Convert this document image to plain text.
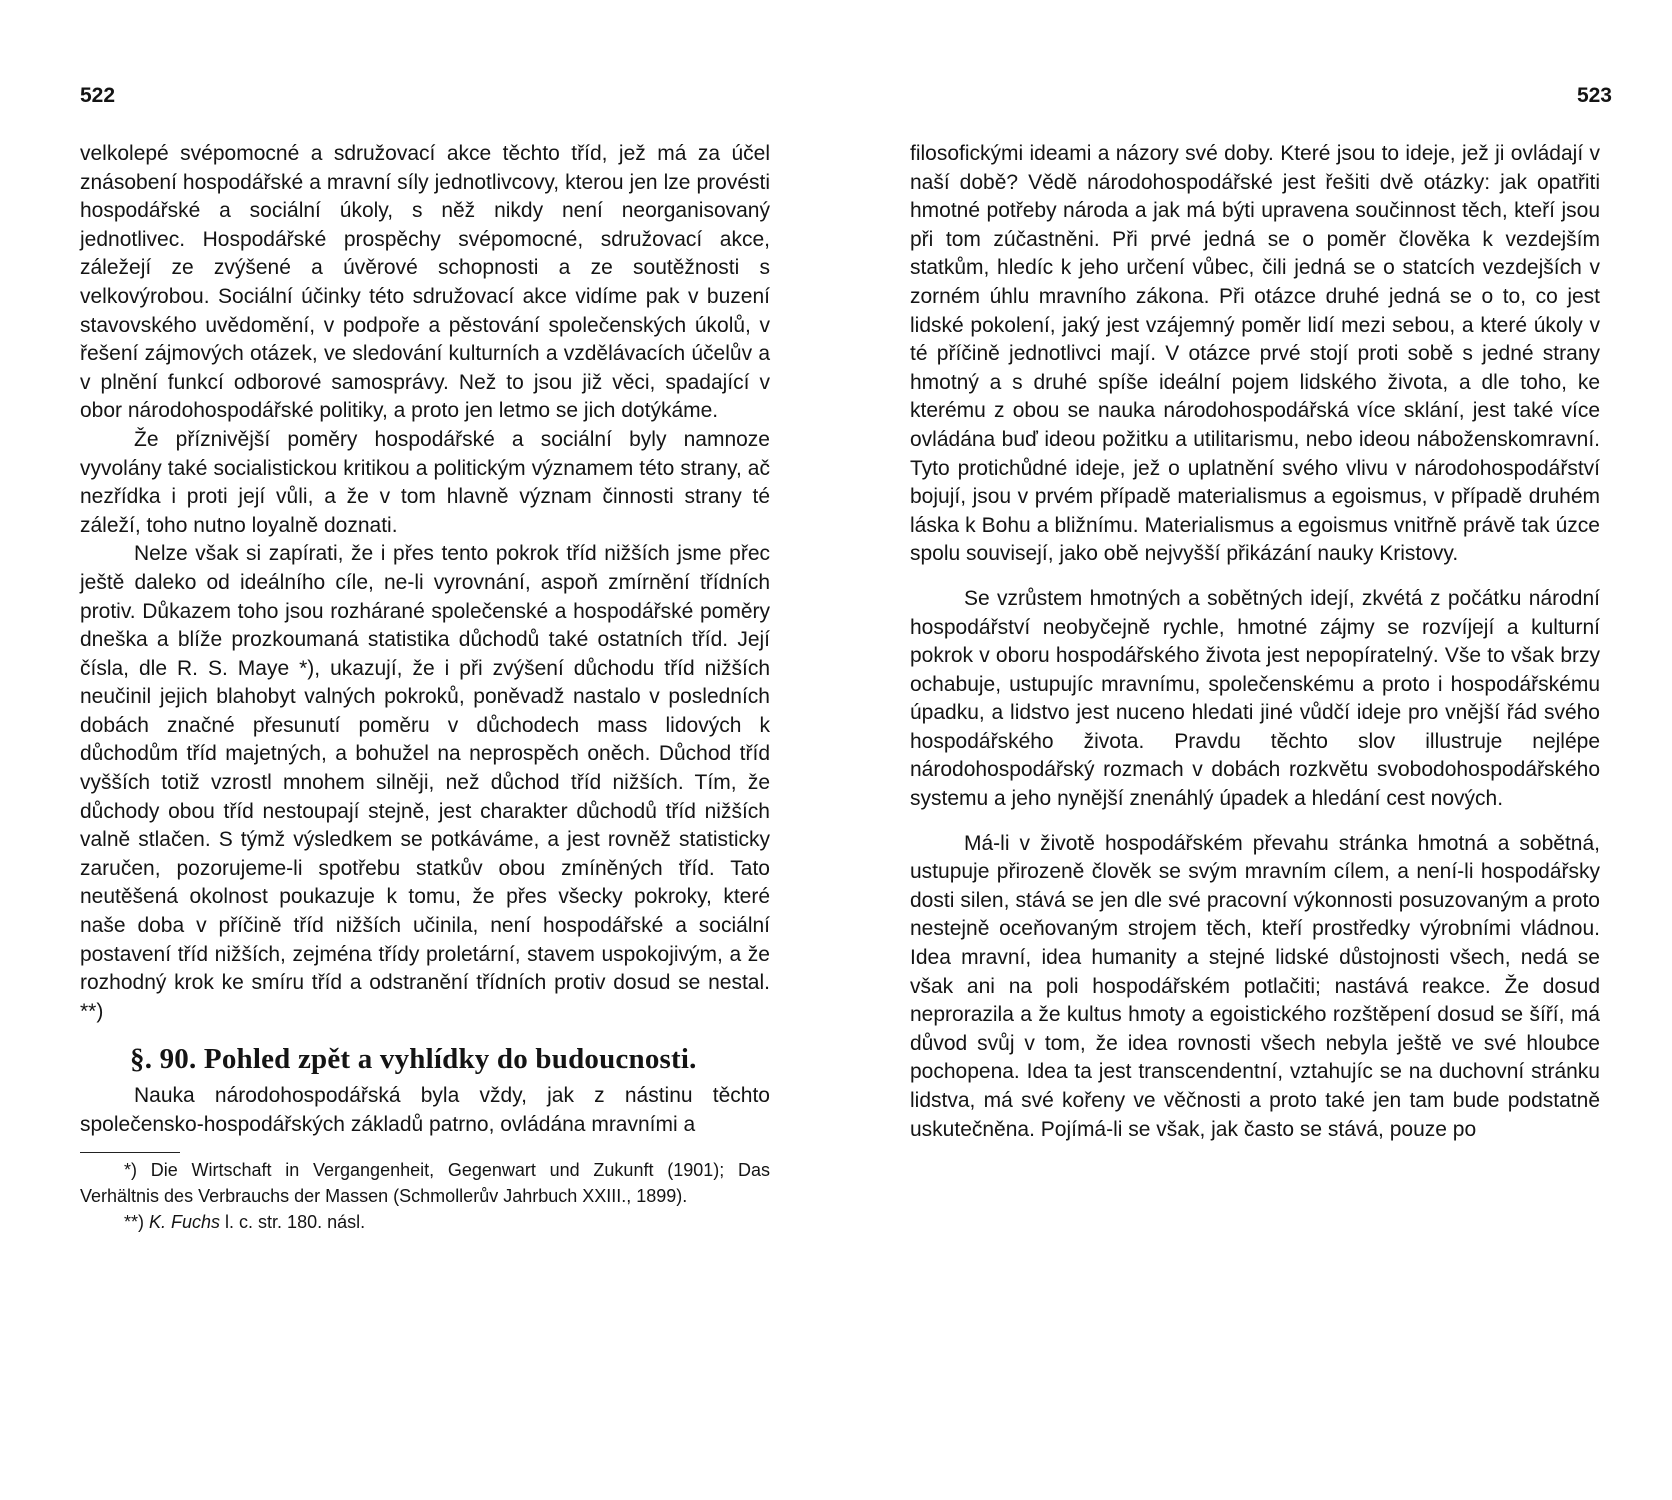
522

velkolepé svépomocné a sdružovací akce těchto tříd, jež má za účel znásobení hospodářské a mravní síly jednotlivcovy, kterou jen lze provésti hospodářské a sociální úkoly, s něž nikdy není neorganisovaný jednotlivec. Hospodářské prospěchy svépomocné, sdružovací akce, záležejí ze zvýšené a úvěrové schopnosti a ze soutěžnosti s velkovýrobou. Sociální účinky této sdružovací akce vidíme pak v buzení stavovského uvědomění, v podpoře a pěstování společenských úkolů, v řešení zájmových otázek, ve sledování kulturních a vzdělávacích účelův a v plnění funkcí odborové samosprávy. Než to jsou již věci, spadající v obor národohospodářské politiky, a proto jen letmo se jich dotýkáme.

Že příznivější poměry hospodářské a sociální byly namnoze vyvolány také socialistickou kritikou a politickým významem této strany, ač nezřídka i proti její vůli, a že v tom hlavně význam činnosti strany té záleží, toho nutno loyalně doznati.

Nelze však si zapírati, že i přes tento pokrok tříd nižších jsme přec ještě daleko od ideálního cíle, ne-li vyrovnání, aspoň zmírnění třídních protiv. Důkazem toho jsou rozhárané společenské a hospodářské poměry dneška a blíže prozkoumaná statistika důchodů také ostatních tříd. Její čísla, dle R. S. Maye *), ukazují, že i při zvýšení důchodu tříd nižších neučinil jejich blahobyt valných pokroků, poněvadž nastalo v posledních dobách značné přesunutí poměru v důchodech mass lidových k důchodům tříd majetných, a bohužel na neprospěch oněch. Důchod tříd vyšších totiž vzrostl mnohem silněji, než důchod tříd nižších. Tím, že důchody obou tříd nestoupají stejně, jest charakter důchodů tříd nižších valně stlačen. S týmž výsledkem se potkáváme, a jest rovněž statisticky zaručen, pozorujeme-li spotřebu statkův obou zmíněných tříd. Tato neutěšená okolnost poukazuje k tomu, že přes všecky pokroky, které naše doba v příčině tříd nižších učinila, není hospodářské a sociální postavení tříd nižších, zejména třídy proletární, stavem uspokojivým, a že rozhodný krok ke smíru tříd a odstranění třídních protiv dosud se nestal. **)

§. 90. Pohled zpět a vyhlídky do budoucnosti.

Nauka národohospodářská byla vždy, jak z nástinu těchto společensko-hospodářských základů patrno, ovládána mravními a

*) Die Wirtschaft in Vergangenheit, Gegenwart und Zukunft (1901); Das Verhältnis des Verbrauchs der Massen (Schmollerův Jahrbuch XXIII., 1899).

**) K. Fuchs l. c. str. 180. násl.

523

filosofickými ideami a názory své doby. Které jsou to ideje, jež ji ovládají v naší době? Vědě národohospodářské jest řešiti dvě otázky: jak opatřiti hmotné potřeby národa a jak má býti upravena součinnost těch, kteří jsou při tom zúčastněni. Při prvé jedná se o poměr člověka k vezdejším statkům, hledíc k jeho určení vůbec, čili jedná se o statcích vezdejších v zorném úhlu mravního zákona. Při otázce druhé jedná se o to, co jest lidské pokolení, jaký jest vzájemný poměr lidí mezi sebou, a které úkoly v té příčině jednotlivci mají. V otázce prvé stojí proti sobě s jedné strany hmotný a s druhé spíše ideální pojem lidského života, a dle toho, ke kterému z obou se nauka národohospodářská více sklání, jest také více ovládána buď ideou požitku a utilitarismu, nebo ideou náboženskomravní. Tyto protichůdné ideje, jež o uplatnění svého vlivu v národohospodářství bojují, jsou v prvém případě materialismus a egoismus, v případě druhém láska k Bohu a bližnímu. Materialismus a egoismus vnitřně právě tak úzce spolu souvisejí, jako obě nejvyšší přikázání nauky Kristovy.

Se vzrůstem hmotných a sobětných idejí, zkvétá z počátku národní hospodářství neobyčejně rychle, hmotné zájmy se rozvíjejí a kulturní pokrok v oboru hospodářského života jest nepopíratelný. Vše to však brzy ochabuje, ustupujíc mravnímu, společenskému a proto i hospodářskému úpadku, a lidstvo jest nuceno hledati jiné vůdčí ideje pro vnější řád svého hospodářského života. Pravdu těchto slov illustruje nejlépe národohospodářský rozmach v dobách rozkvětu svobodohospodářského systemu a jeho nynější znenáhlý úpadek a hledání cest nových.

Má-li v životě hospodářském převahu stránka hmotná a sobětná, ustupuje přirozeně člověk se svým mravním cílem, a není-li hospodářsky dosti silen, stává se jen dle své pracovní výkonnosti posuzovaným a proto nestejně oceňovaným strojem těch, kteří prostředky výrobními vládnou. Idea mravní, idea humanity a stejné lidské důstojnosti všech, nedá se však ani na poli hospodářském potlačiti; nastává reakce. Že dosud neprorazila a že kultus hmoty a egoistického rozštěpení dosud se šíří, má důvod svůj v tom, že idea rovnosti všech nebyla ještě ve své hloubce pochopena. Idea ta jest transcendentní, vztahujíc se na duchovní stránku lidstva, má své kořeny ve věčnosti a proto také jen tam bude podstatně uskutečněna. Pojímá-li se však, jak často se stává, pouze po
